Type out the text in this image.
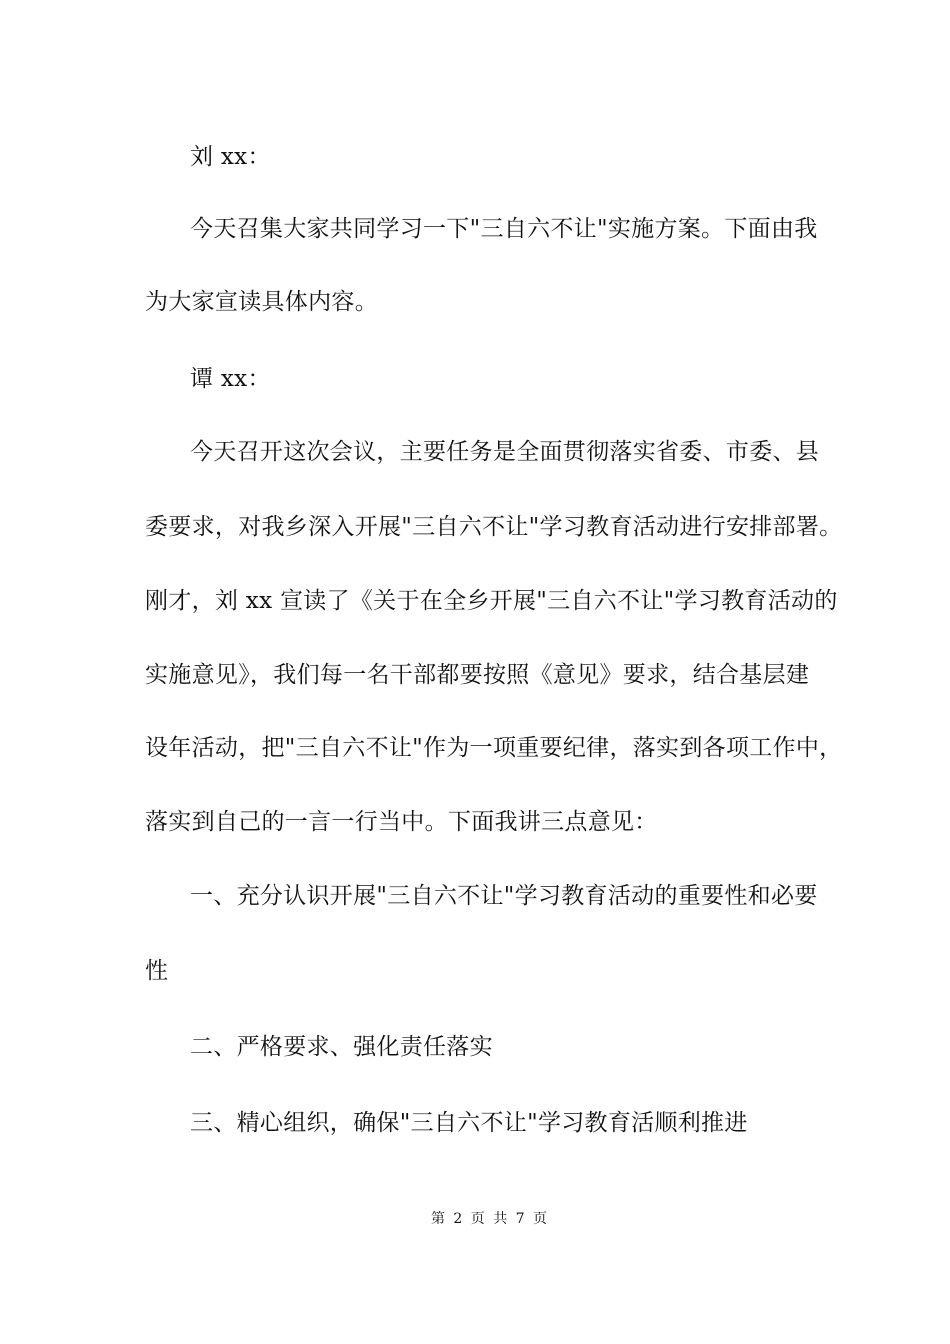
刘 xx：
今天召集大家共同学习一下"三自六不让"实施方案。下面由我
为大家宣读具体内容。
谭 xx：
今天召开这次会议，主要任务是全面贯彻落实省委、市委、县
委要求，对我乡深入开展"三自六不让"学习教育活动进行安排部署。
刚才，刘 xx 宣读了《关于在全乡开展"三自六不让"学习教育活动的
实施意见》，我们每一名干部都要按照《意见》要求，结合基层建
设年活动，把"三自六不让"作为一项重要纪律，落实到各项工作中，
落实到自己的一言一行当中。下面我讲三点意见：
一、充分认识开展"三自六不让"学习教育活动的重要性和必要
性
二、严格要求、强化责任落实
三、精心组织，确保"三自六不让"学习教育活顺利推进
第 2 页 共 7 页
